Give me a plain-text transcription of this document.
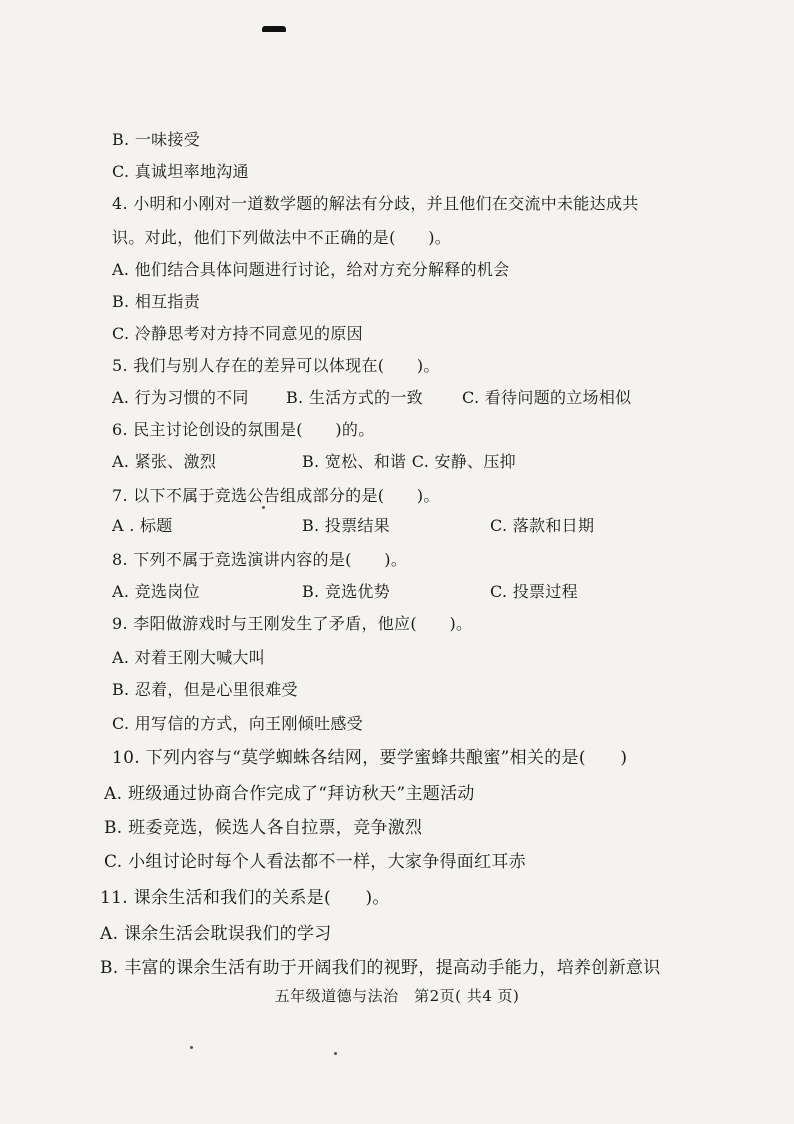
B. 一味接受
C. 真诚坦率地沟通
4. 小明和小刚对一道数学题的解法有分歧，并且他们在交流中未能达成共
识。对此，他们下列做法中不正确的是(　　)。
A. 他们结合具体问题进行讨论，给对方充分解释的机会
B. 相互指责
C. 冷静思考对方持不同意见的原因
5. 我们与别人存在的差异可以体现在(　　)。
A. 行为习惯的不同 B. 生活方式的一致 C. 看待问题的立场相似
6. 民主讨论创设的氛围是(　　)的。
A. 紧张、激烈	B. 宽松、和谐 C. 安静、压抑
7. 以下不属于竞选公告组成部分的是(　　)。
A . 标题	B. 投票结果	C. 落款和日期
8. 下列不属于竞选演讲内容的是(　　)。
A. 竞选岗位	B. 竞选优势	C. 投票过程
9. 李阳做游戏时与王刚发生了矛盾，他应(　　)。
A. 对着王刚大喊大叫
B. 忍着，但是心里很难受
C. 用写信的方式，向王刚倾吐感受
10. 下列内容与“莫学蜘蛛各结网，要学蜜蜂共酿蜜”相关的是(　　)
A. 班级通过协商合作完成了“拜访秋天”主题活动
B. 班委竞选，候选人各自拉票，竞争激烈
C. 小组讨论时每个人看法都不一样，大家争得面红耳赤
11. 课余生活和我们的关系是(　　)。
A. 课余生活会耽误我们的学习
B. 丰富的课余生活有助于开阔我们的视野，提高动手能力，培养创新意识
五年级道德与法治　第2页( 共4 页)
